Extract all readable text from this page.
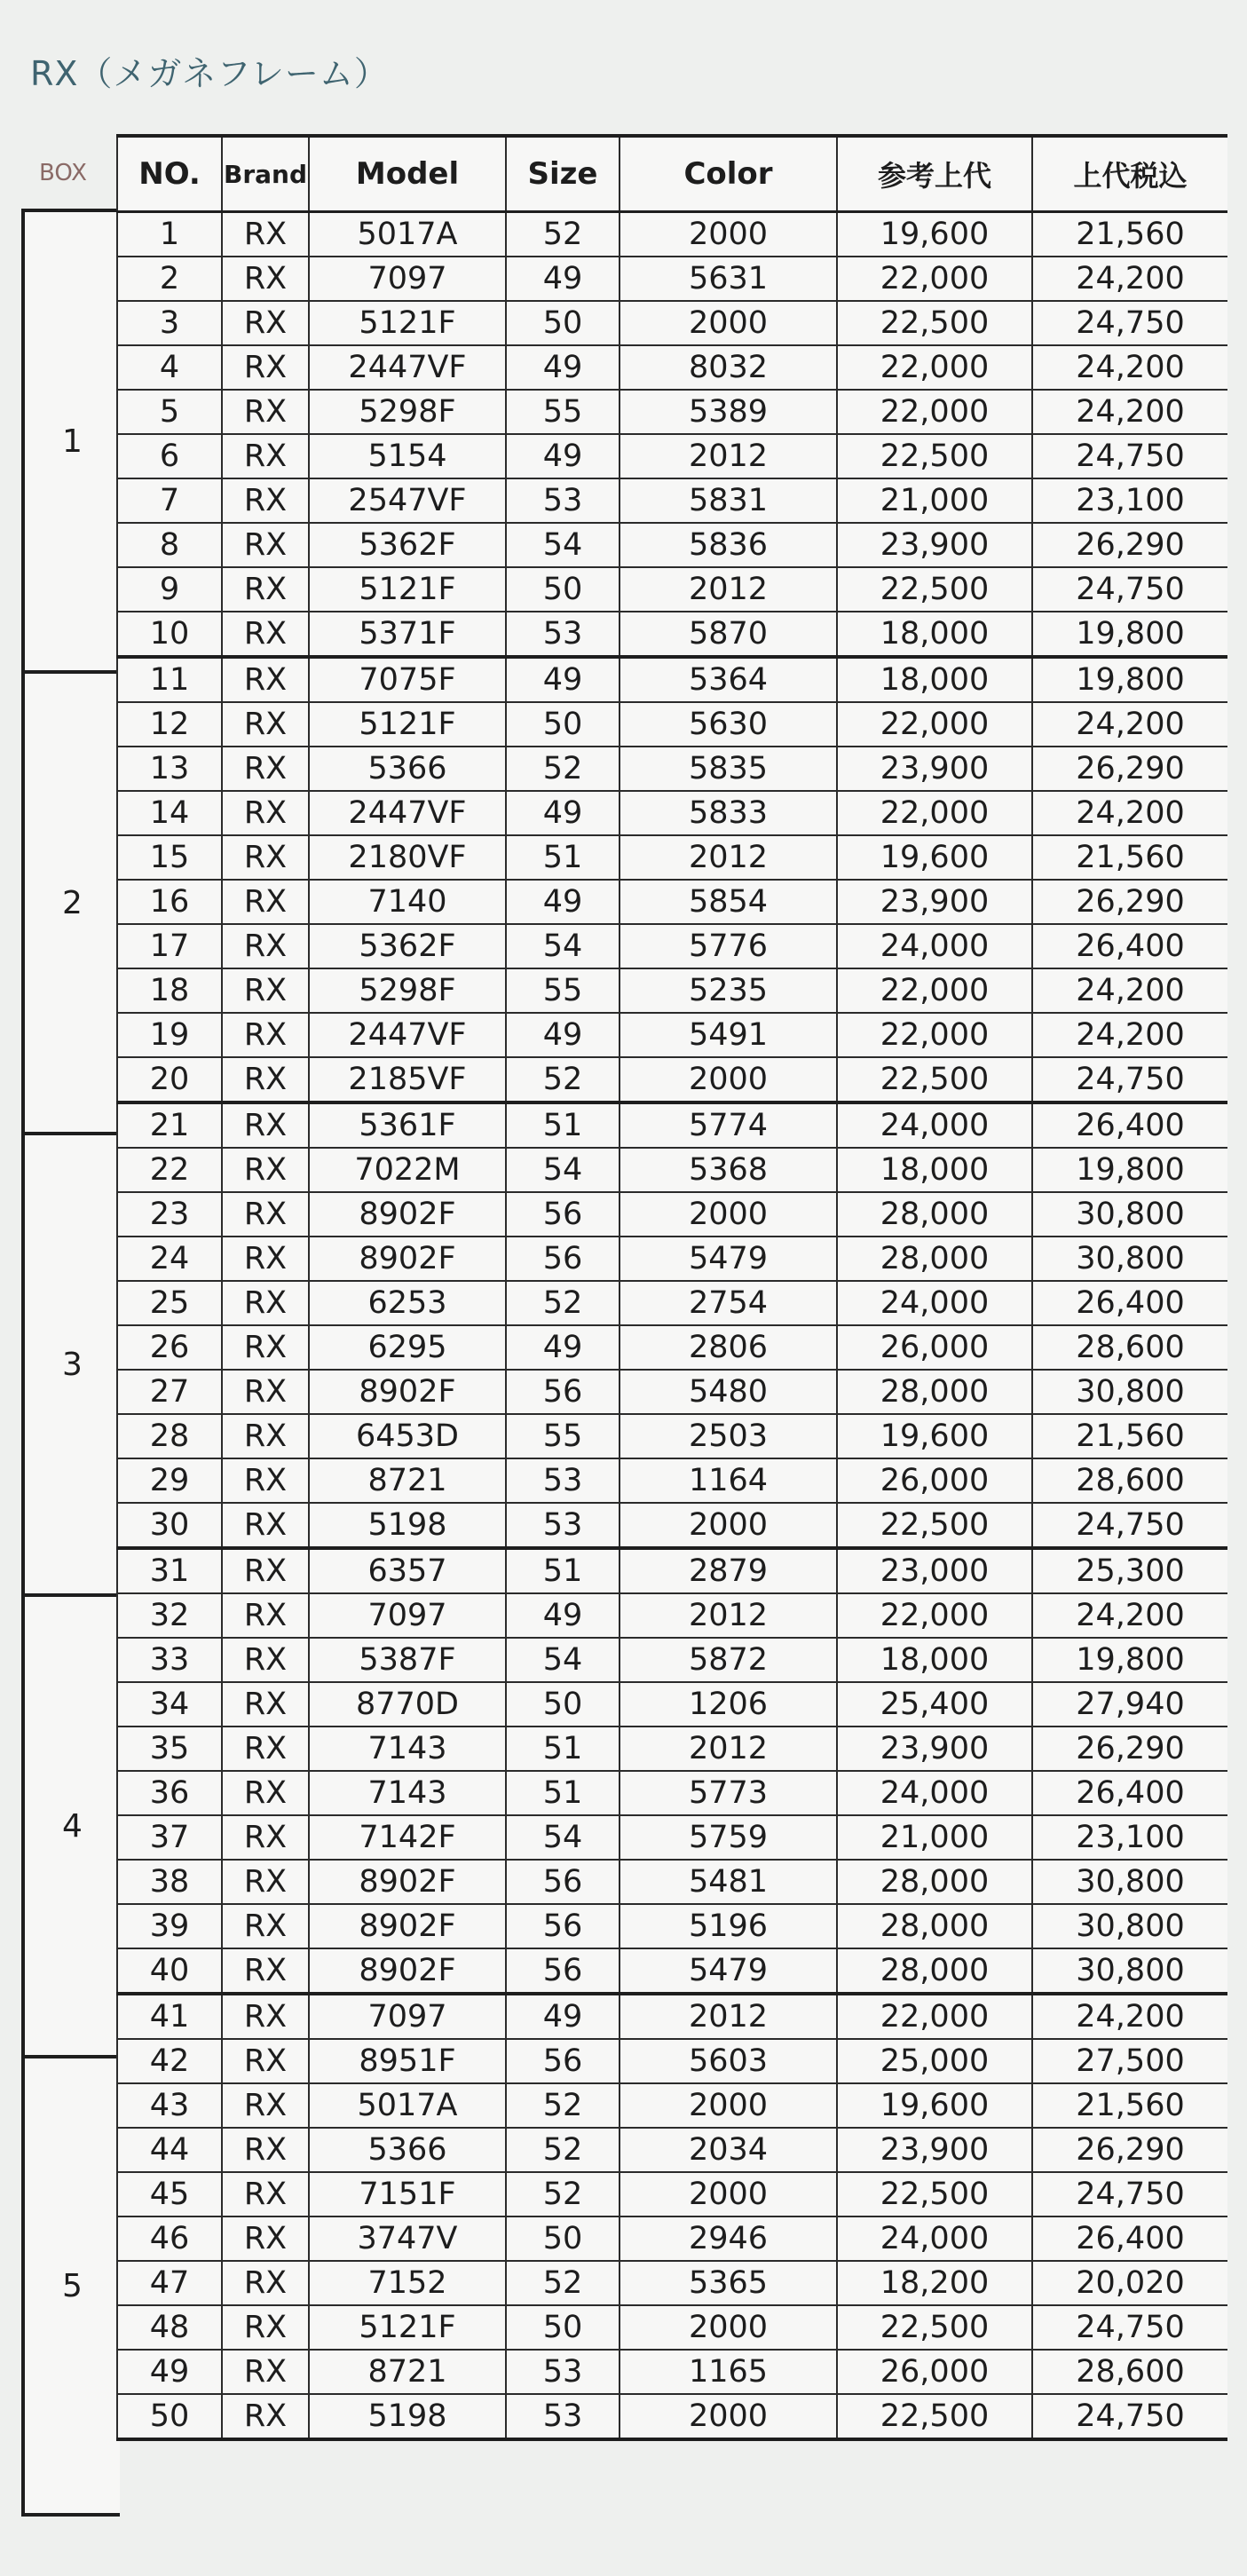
RX（メガネフレーム）
BOX
1
2
3
4
5
NO.	Brand	Model	Size	Color	参考上代	上代税込
1	RX	5017A	52	2000	19,600	21,560
2	RX	7097	49	5631	22,000	24,200
3	RX	5121F	50	2000	22,500	24,750
4	RX	2447VF	49	8032	22,000	24,200
5	RX	5298F	55	5389	22,000	24,200
6	RX	5154	49	2012	22,500	24,750
7	RX	2547VF	53	5831	21,000	23,100
8	RX	5362F	54	5836	23,900	26,290
9	RX	5121F	50	2012	22,500	24,750
10	RX	5371F	53	5870	18,000	19,800
11	RX	7075F	49	5364	18,000	19,800
12	RX	5121F	50	5630	22,000	24,200
13	RX	5366	52	5835	23,900	26,290
14	RX	2447VF	49	5833	22,000	24,200
15	RX	2180VF	51	2012	19,600	21,560
16	RX	7140	49	5854	23,900	26,290
17	RX	5362F	54	5776	24,000	26,400
18	RX	5298F	55	5235	22,000	24,200
19	RX	2447VF	49	5491	22,000	24,200
20	RX	2185VF	52	2000	22,500	24,750
21	RX	5361F	51	5774	24,000	26,400
22	RX	7022M	54	5368	18,000	19,800
23	RX	8902F	56	2000	28,000	30,800
24	RX	8902F	56	5479	28,000	30,800
25	RX	6253	52	2754	24,000	26,400
26	RX	6295	49	2806	26,000	28,600
27	RX	8902F	56	5480	28,000	30,800
28	RX	6453D	55	2503	19,600	21,560
29	RX	8721	53	1164	26,000	28,600
30	RX	5198	53	2000	22,500	24,750
31	RX	6357	51	2879	23,000	25,300
32	RX	7097	49	2012	22,000	24,200
33	RX	5387F	54	5872	18,000	19,800
34	RX	8770D	50	1206	25,400	27,940
35	RX	7143	51	2012	23,900	26,290
36	RX	7143	51	5773	24,000	26,400
37	RX	7142F	54	5759	21,000	23,100
38	RX	8902F	56	5481	28,000	30,800
39	RX	8902F	56	5196	28,000	30,800
40	RX	8902F	56	5479	28,000	30,800
41	RX	7097	49	2012	22,000	24,200
42	RX	8951F	56	5603	25,000	27,500
43	RX	5017A	52	2000	19,600	21,560
44	RX	5366	52	2034	23,900	26,290
45	RX	7151F	52	2000	22,500	24,750
46	RX	3747V	50	2946	24,000	26,400
47	RX	7152	52	5365	18,200	20,020
48	RX	5121F	50	2000	22,500	24,750
49	RX	8721	53	1165	26,000	28,600
50	RX	5198	53	2000	22,500	24,750
